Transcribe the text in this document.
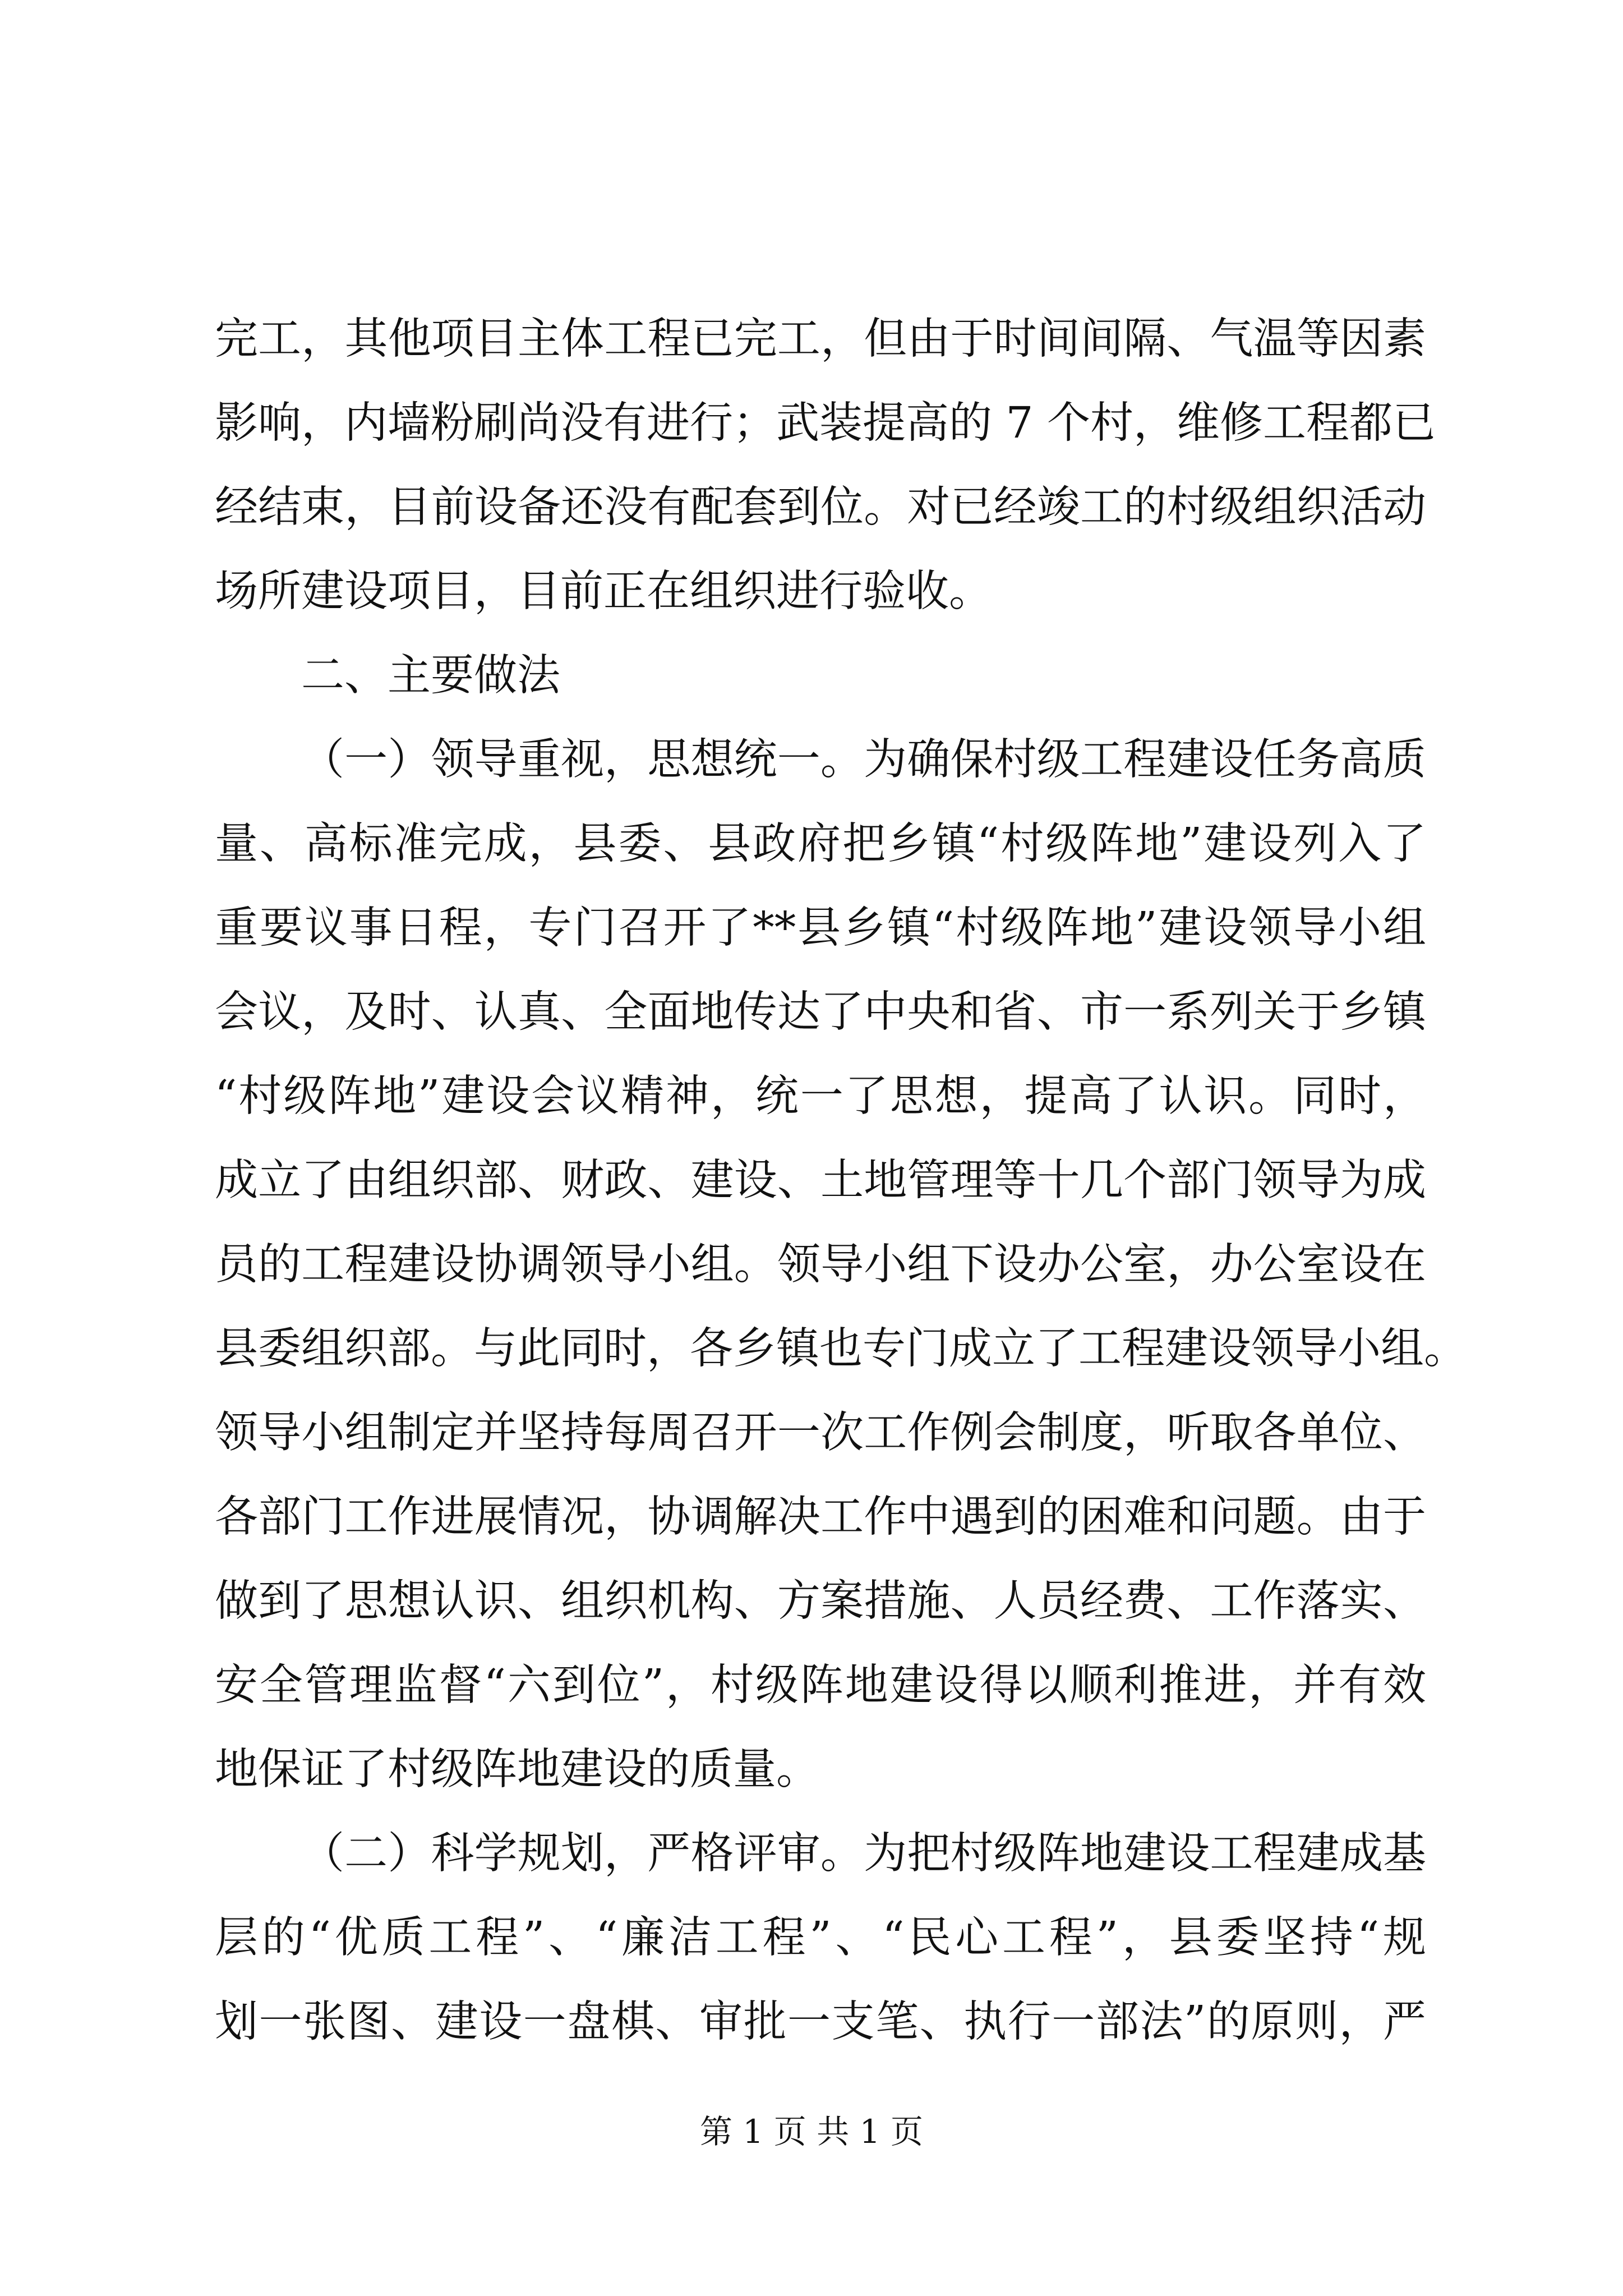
完工，其他项目主体工程已完工，但由于时间间隔、气温等因素
影响，内墙粉刷尚没有进行；武装提高的 7 个村，维修工程都已
经结束，目前设备还没有配套到位。对已经竣工的村级组织活动
场所建设项目，目前正在组织进行验收。
二、主要做法
（一）领导重视，思想统一。为确保村级工程建设任务高质
量、高标准完成，县委、县政府把乡镇“村级阵地”建设列入了
重要议事日程，专门召开了**县乡镇“村级阵地”建设领导小组
会议，及时、认真、全面地传达了中央和省、市一系列关于乡镇
“村级阵地”建设会议精神，统一了思想，提高了认识。同时，
成立了由组织部、财政、建设、土地管理等十几个部门领导为成
员的工程建设协调领导小组。领导小组下设办公室，办公室设在
县委组织部。与此同时，各乡镇也专门成立了工程建设领导小组。
领导小组制定并坚持每周召开一次工作例会制度，听取各单位、
各部门工作进展情况，协调解决工作中遇到的困难和问题。由于
做到了思想认识、组织机构、方案措施、人员经费、工作落实、
安全管理监督“六到位”，村级阵地建设得以顺利推进，并有效
地保证了村级阵地建设的质量。
（二）科学规划，严格评审。为把村级阵地建设工程建成基
层的“优质工程”、“廉洁工程”、“民心工程”，县委坚持“规
划一张图、建设一盘棋、审批一支笔、执行一部法”的原则，严
第 1 页 共 1 页
